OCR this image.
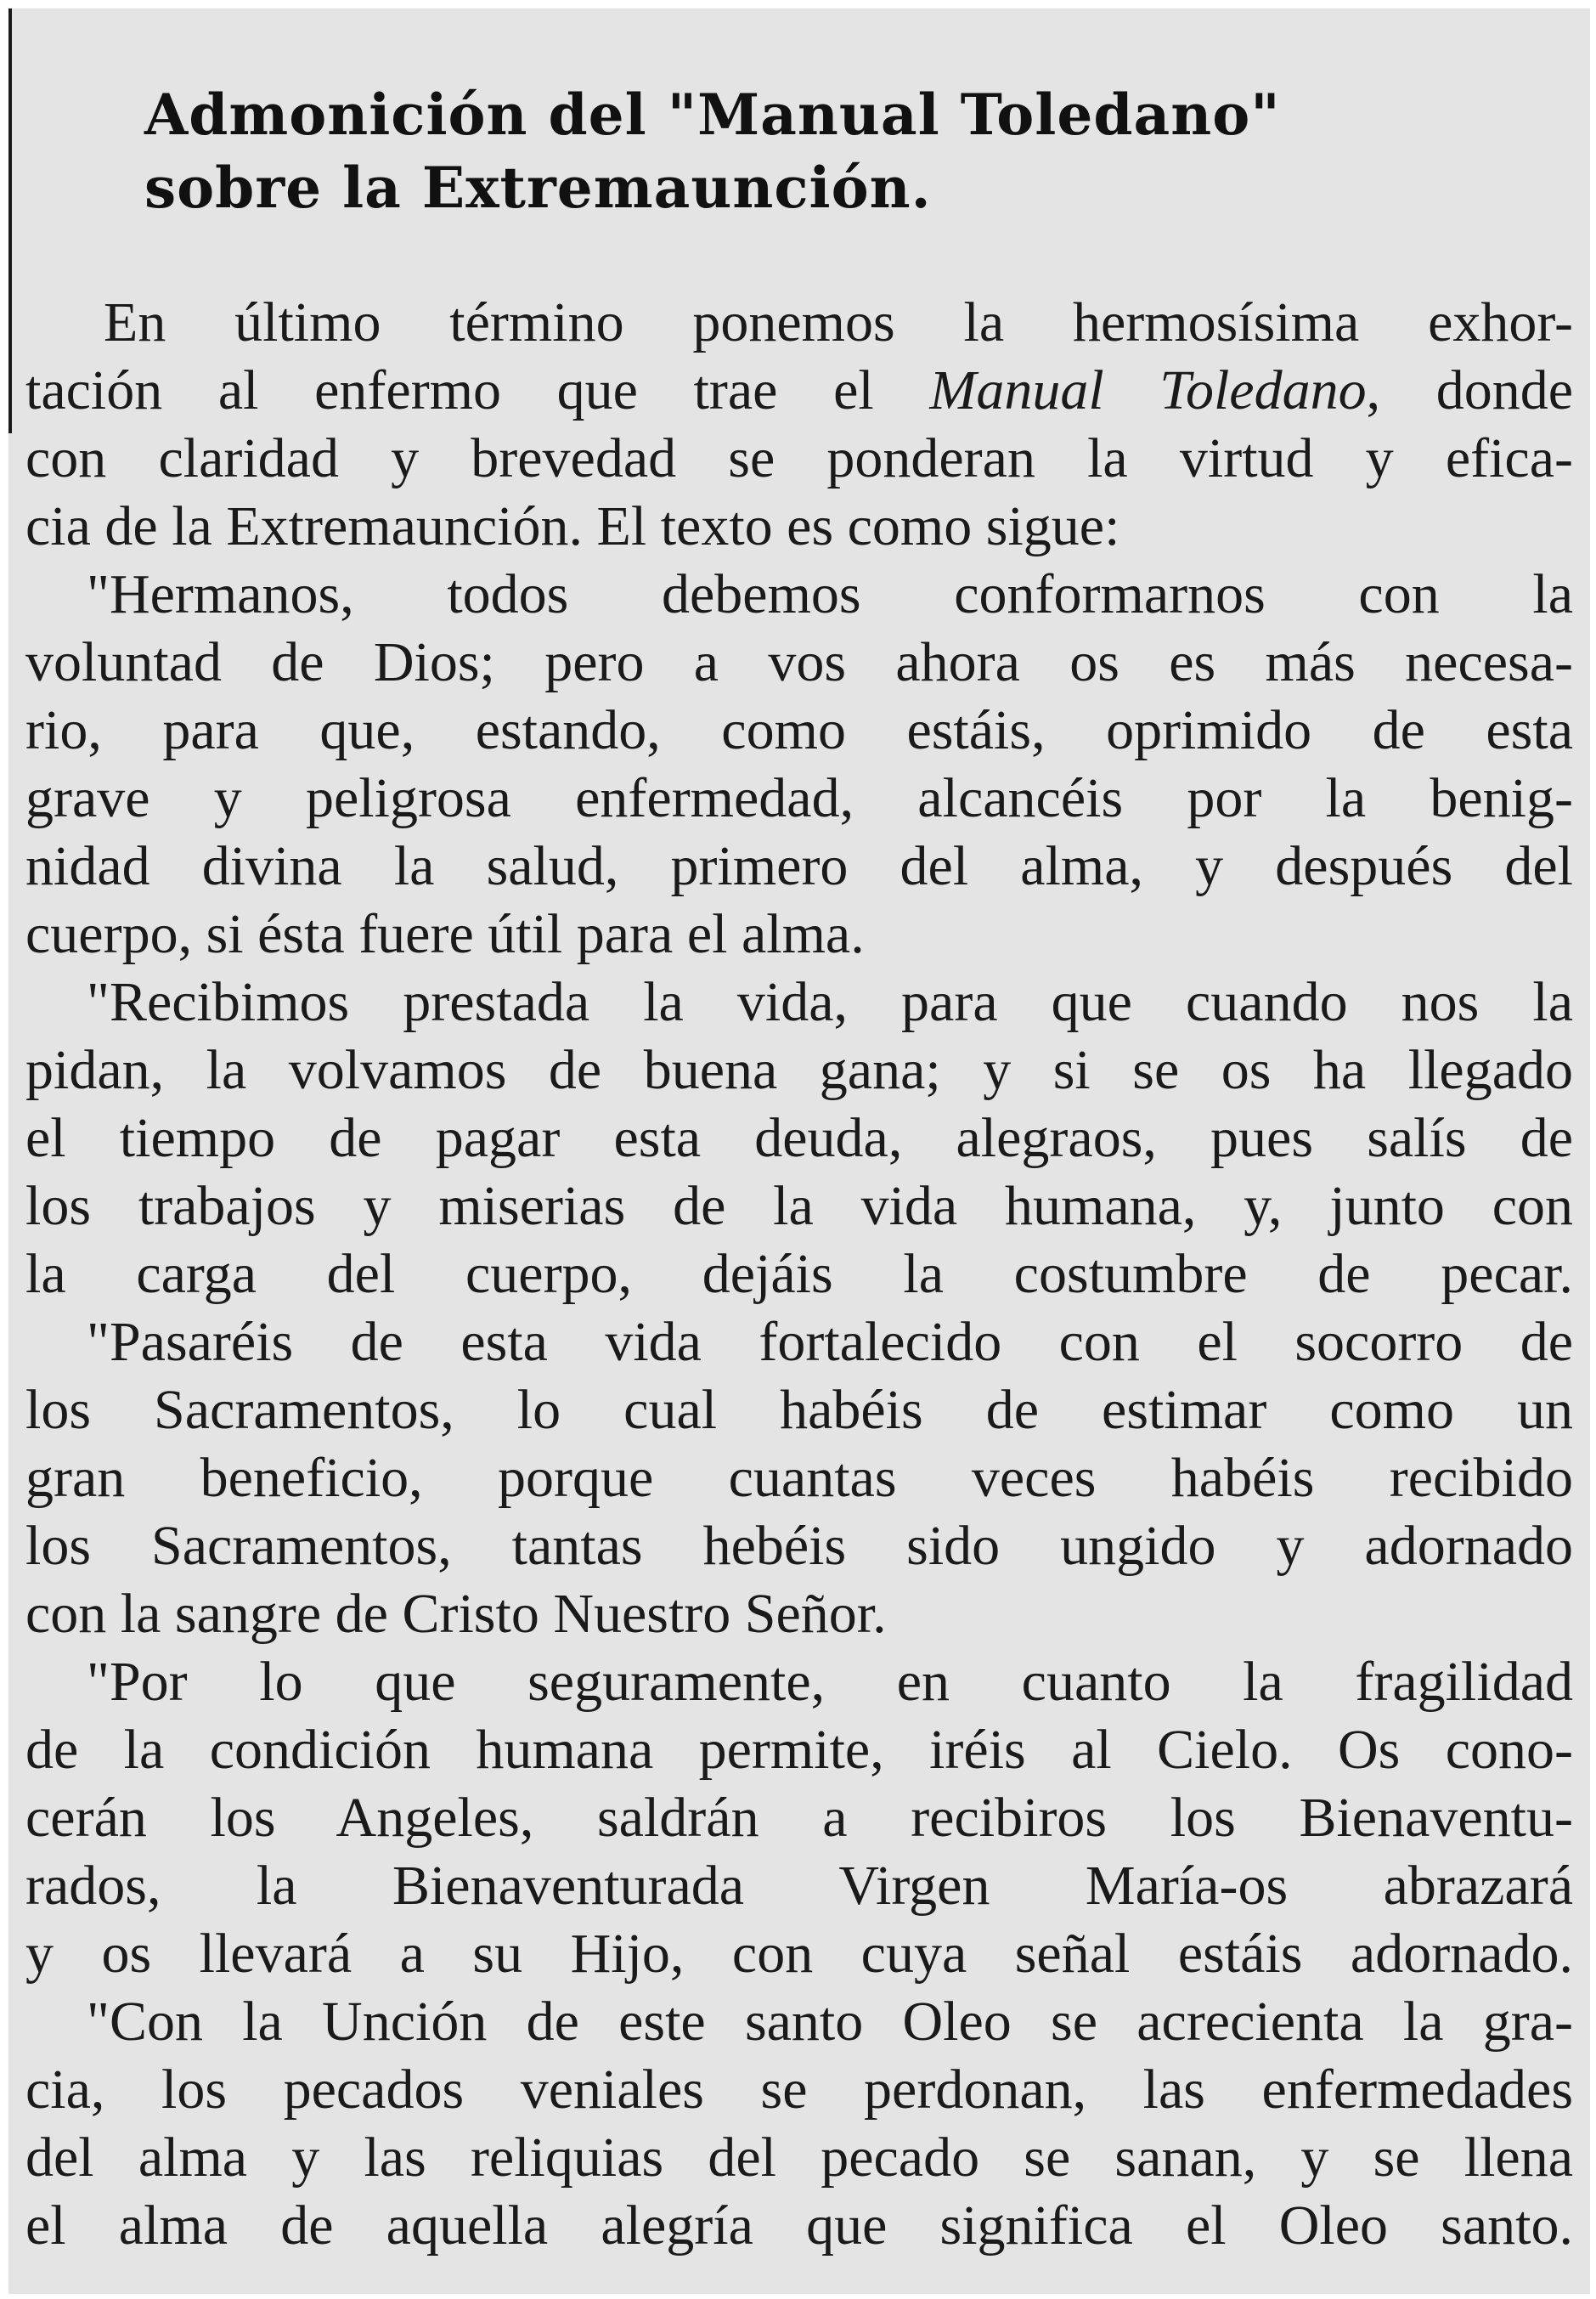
Admonición del "Manual Toledano"
sobre la Extremaunción.
En último término ponemos la hermosísima exhor-
tación al enfermo que trae el Manual Toledano, donde
con claridad y brevedad se ponderan la virtud y efica-
cia de la Extremaunción. El texto es como sigue:
"Hermanos, todos debemos conformarnos con la
voluntad de Dios; pero a vos ahora os es más necesa-
rio, para que, estando, como estáis, oprimido de esta
grave y peligrosa enfermedad, alcancéis por la benig-
nidad divina la salud, primero del alma, y después del
cuerpo, si ésta fuere útil para el alma.
"Recibimos prestada la vida, para que cuando nos la
pidan, la volvamos de buena gana; y si se os ha llegado
el tiempo de pagar esta deuda, alegraos, pues salís de
los trabajos y miserias de la vida humana, y, junto con
la carga del cuerpo, dejáis la costumbre de pecar.
"Pasaréis de esta vida fortalecido con el socorro de
los Sacramentos, lo cual habéis de estimar como un
gran beneficio, porque cuantas veces habéis recibido
los Sacramentos, tantas hebéis sido ungido y adornado
con la sangre de Cristo Nuestro Señor.
"Por lo que seguramente, en cuanto la fragilidad
de la condición humana permite, iréis al Cielo. Os cono-
cerán los Angeles, saldrán a recibiros los Bienaventu-
rados, la Bienaventurada Virgen María-os abrazará
y os llevará a su Hijo, con cuya señal estáis adornado.
"Con la Unción de este santo Oleo se acrecienta la gra-
cia, los pecados veniales se perdonan, las enfermedades
del alma y las reliquias del pecado se sanan, y se llena
el alma de aquella alegría que significa el Oleo santo.
